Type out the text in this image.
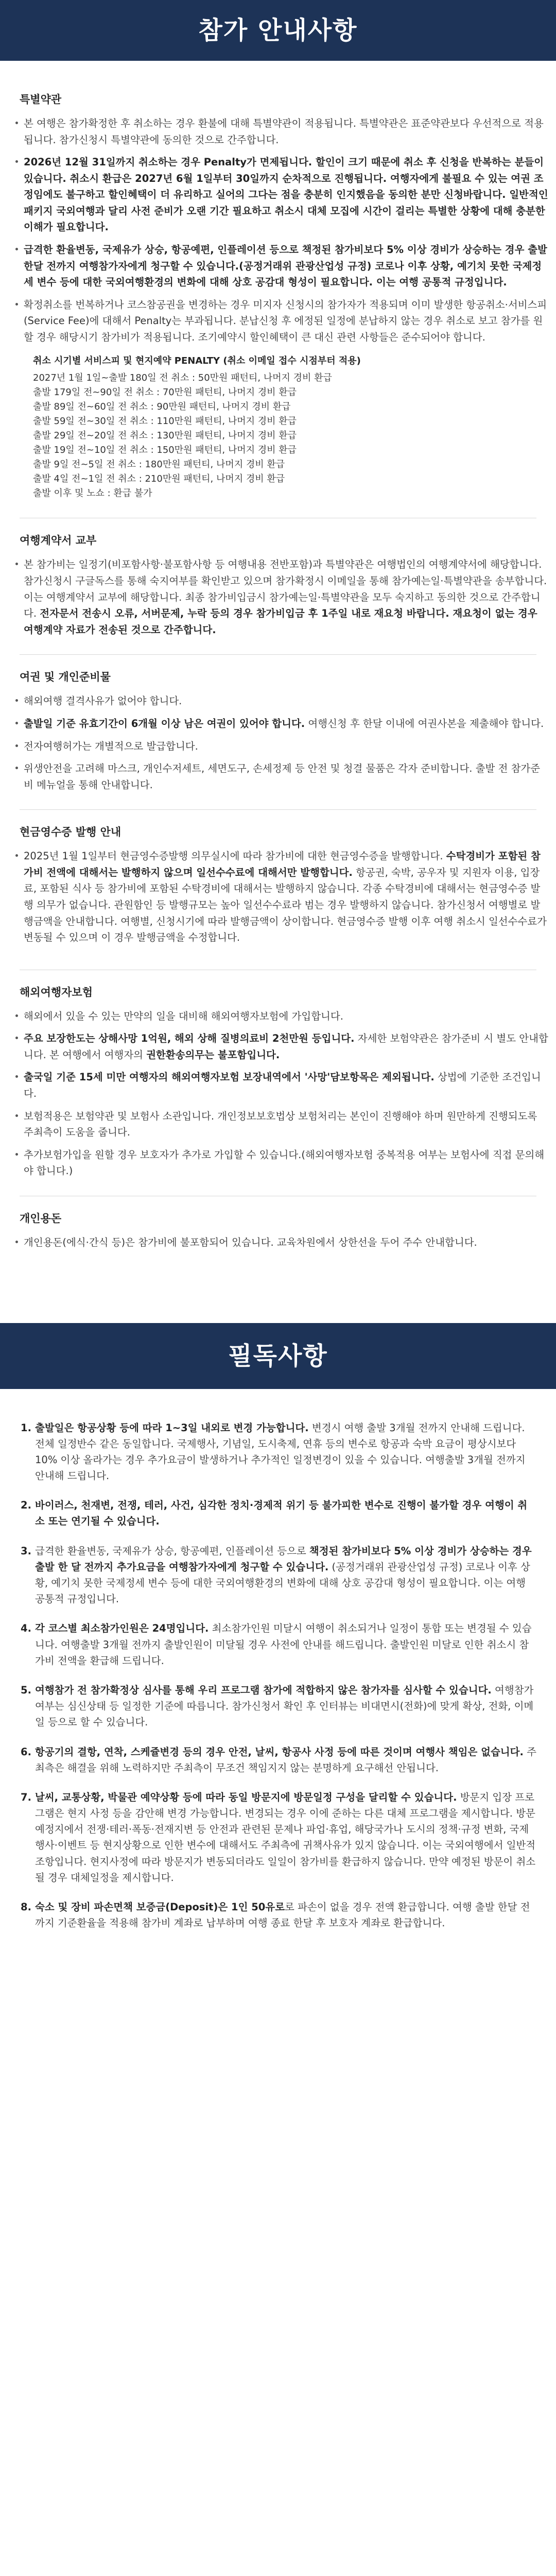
참가 안내사항
특별약관
본 여행은 참가확정한 후 취소하는 경우 환불에 대해 특별약관이 적용됩니다. 특별약관은 표준약관보다 우선적으로 적용됩니다. 참가신청시 특별약관에 동의한 것으로 간주합니다.
2026년 12월 31일까지 취소하는 경우 Penalty가 면제됩니다. 할인이 크기 때문에 취소 후 신청을 반복하는 분들이 있습니다. 취소시 환급은 2027년 6월 1일부터 30일까지 순차적으로 진행됩니다. 여행자에게 불필요 수 있는 여권 조정임에도 불구하고 할인혜택이 더 유리하고 실어의 그다는 점을 충분히 인지했음을 동의한 분만 신청바랍니다. 일반적인 패키지 국외여행과 달리 사전 준비가 오랜 기간 필요하고 취소시 대체 모집에 시간이 걸리는 특별한 상황에 대해 충분한 이해가 필요합니다.
급격한 환율변동, 국제유가 상승, 항공예편, 인플레이션 등으로 책정된 참가비보다 5% 이상 경비가 상승하는 경우 출발 한달 전까지 여행참가자에게 청구할 수 있습니다.(공정거래위 관광산업성 규정) 코로나 이후 상황, 예기치 못한 국제정세 변수 등에 대한 국외여행환경의 변화에 대해 상호 공감대 형성이 필요합니다. 이는 여행 공통적 규정입니다.
확정취소를 번복하거나 코스참공권을 변경하는 경우 미지자 신청시의 참가자가 적용되며 이미 발생한 항공취소·서비스피(Service Fee)에 대해서 Penalty는 부과됩니다. 분납신청 후 에정된 일정에 분납하지 않는 경우 취소로 보고 참가를 원할 경우 해당시기 참가비가 적용됩니다. 조기예약시 할인혜택이 큰 대신 관련 사항들은 준수되어야 합니다.
취소 시기별 서비스피 및 현지예약 PENALTY (취소 이메일 접수 시점부터 적용)
2027년 1월 1일~출발 180일 전 취소 : 50만원 패턴티, 나머지 경비 환급
출발 179일 전~90일 전 취소 : 70만원 패턴티, 나머지 경비 환급
출발 89일 전~60일 전 취소 : 90만원 패턴티, 나머지 경비 환급
출발 59일 전~30일 전 취소 : 110만원 패턴티, 나머지 경비 환급
출발 29일 전~20일 전 취소 : 130만원 패턴티, 나머지 경비 환급
출발 19일 전~10일 전 취소 : 150만원 패턴티, 나머지 경비 환급
출발 9일 전~5일 전 취소 : 180만원 패턴티, 나머지 경비 환급
출발 4일 전~1일 전 취소 : 210만원 패턴티, 나머지 경비 환급
출발 이후 및 노쇼 : 환급 불가
여행계약서 교부
본 참가비는 일정기(비포함사항·불포함사항 등 여행내용 전반포함)과 특별약관은 여행법인의 여행계약서에 해당합니다. 참가신청시 구글독스를 통해 숙지여부를 확인받고 있으며 참가확정시 이메일을 통해 참가예는일·특별약관을 송부합니다. 이는 여행계약서 교부에 해당합니다. 최종 참가비입금시 참가예는일·특별약관을 모두 숙지하고 동의한 것으로 간주합니다. 전자문서 전송시 오류, 서버문제, 누락 등의 경우 참가비입금 후 1주일 내로 재요청 바랍니다. 재요청이 없는 경우 여행계약 자료가 전송된 것으로 간주합니다.
여권 및 개인준비물
해외여행 결격사유가 없어야 합니다.
출발일 기준 유효기간이 6개월 이상 남은 여권이 있어야 합니다. 여행신청 후 한달 이내에 여권사본을 제출해야 합니다.
전자여행허가는 개별적으로 발급합니다.
위생안전을 고려해 마스크, 개인수저세트, 세면도구, 손세정제 등 안전 및 청결 물품은 각자 준비합니다. 출발 전 참가준비 메뉴얼을 통해 안내합니다.
현금영수증 발행 안내
2025년 1월 1일부터 현금영수증발행 의무실시에 따라 참가비에 대한 현금영수증을 발행합니다. 수탁경비가 포함된 참가비 전액에 대해서는 발행하지 않으며 일선수수료에 대해서만 발행합니다. 항공권, 숙박, 공우자 및 지원자 이용, 입장료, 포함된 식사 등 참가비에 포함된 수탁경비에 대해서는 발행하지 않습니다. 각종 수탁경비에 대해서는 현금영수증 발행 의무가 없습니다. 관원함인 등 발행규모는 높아 일선수수료라 범는 경우 발행하지 않습니다. 참가신청서 여행별로 발행금액을 안내합니다. 여행별, 신청시기에 따라 발행금액이 상이합니다. 현금영수증 발행 이후 여행 취소시 일선수수료가 변동될 수 있으며 이 경우 발행금액을 수정합니다.
해외여행자보험
해외에서 있을 수 있는 만약의 일을 대비해 해외여행자보험에 가입합니다.
주요 보장한도는 상해사망 1억원, 해외 상해 질병의료비 2천만원 등입니다. 자세한 보험약관은 참가준비 시 별도 안내합니다. 본 여행에서 여행자의 권한환송의무는 불포함입니다.
출국일 기준 15세 미만 여행자의 해외여행자보험 보장내역에서 '사망'담보항목은 제외됩니다. 상법에 기준한 조건입니다.
보험적용은 보험약관 및 보험사 소관입니다. 개인정보보호법상 보험처리는 본인이 진행해야 하며 원만하게 진행되도록 주최측이 도움을 줍니다.
추가보험가입을 원할 경우 보호자가 추가로 가입할 수 있습니다.(해외여행자보험 중복적용 여부는 보험사에 직접 문의해야 합니다.)
개인용돈
개인용돈(에식·간식 등)은 참가비에 불포함되어 있습니다. 교육차원에서 상한선을 두어 주수 안내합니다.
필독사항
1. 출발일은 항공상황 등에 따라 1~3일 내외로 변경 가능합니다. 변경시 여행 출발 3개월 전까지 안내해 드립니다. 전체 일정반수 같은 동일합니다. 국제행사, 기념일, 도시축제, 연휴 등의 변수로 항공과 숙박 요금이 평상시보다 10% 이상 올라가는 경우 추가요금이 발생하거나 추가적인 일정변경이 있을 수 있습니다. 여행출발 3개월 전까지 안내해 드립니다.
2. 바이러스, 천재변, 전쟁, 테러, 사건, 심각한 정치·경제적 위기 등 불가피한 변수로 진행이 불가할 경우 여행이 취소 또는 연기될 수 있습니다.
3. 급격한 환율변동, 국제유가 상승, 항공예편, 인플레이션 등으로 책정된 참가비보다 5% 이상 경비가 상승하는 경우 출발 한 달 전까지 추가요금을 여행참가자에게 청구할 수 있습니다. (공정거래위 관광산업성 규정) 코로나 이후 상황, 예기치 못한 국제정세 변수 등에 대한 국외여행환경의 변화에 대해 상호 공감대 형성이 필요합니다. 이는 여행 공통적 규정입니다.
4. 각 코스별 최소참가인원은 24명입니다. 최소참가인원 미달시 여행이 취소되거나 일정이 통합 또는 변경될 수 있습니다. 여행출발 3개월 전까지 출발인원이 미달될 경우 사전에 안내를 해드립니다. 출발인원 미달로 인한 취소시 참가비 전액을 환급해 드립니다.
5. 여행참가 전 참가확정상 심사를 통해 우리 프로그램 참가에 적합하지 않은 참가자를 심사할 수 있습니다. 여행참가 여부는 심신상태 등 일정한 기준에 따릅니다. 참가신청서 확인 후 인터뷰는 비대면시(전화)에 맞게 확상, 전화, 이메일 등으로 할 수 있습니다.
6. 항공기의 결항, 연착, 스케쥴변경 등의 경우 안전, 날씨, 항공사 사정 등에 따른 것이며 여행사 책임은 없습니다. 주최측은 해결을 위해 노력하지만 주최측이 무조건 책임지지 않는 분명하게 요구해선 안됩니다.
7. 날씨, 교통상황, 박물관 예약상황 등에 따라 동일 방문지에 방문일정 구성을 달리할 수 있습니다. 방문지 입장 프로그램은 현지 사정 등을 감안해 변경 가능합니다. 변경되는 경우 이에 준하는 다른 대체 프로그램을 제시합니다. 방문 예정지에서 전쟁·테러·폭동·전재지변 등 안전과 관련된 문제나 파업·휴업, 해당국가나 도시의 정책·규정 변화, 국제행사·이벤트 등 현지상황으로 인한 변수에 대해서도 주최측에 귀책사유가 있지 않습니다. 이는 국외여행에서 일반적 조항입니다. 현지사정에 따라 방문지가 변동되더라도 일일이 참가비를 환급하지 않습니다. 만약 예정된 방문이 취소될 경우 대체일정을 제시합니다.
8. 숙소 및 장비 파손면책 보증금(Deposit)은 1인 50유로로 파손이 없을 경우 전액 환급합니다. 여행 출발 한달 전까지 기준환율을 적용해 참가비 계좌로 납부하며 여행 종료 한달 후 보호자 계좌로 환급합니다.
